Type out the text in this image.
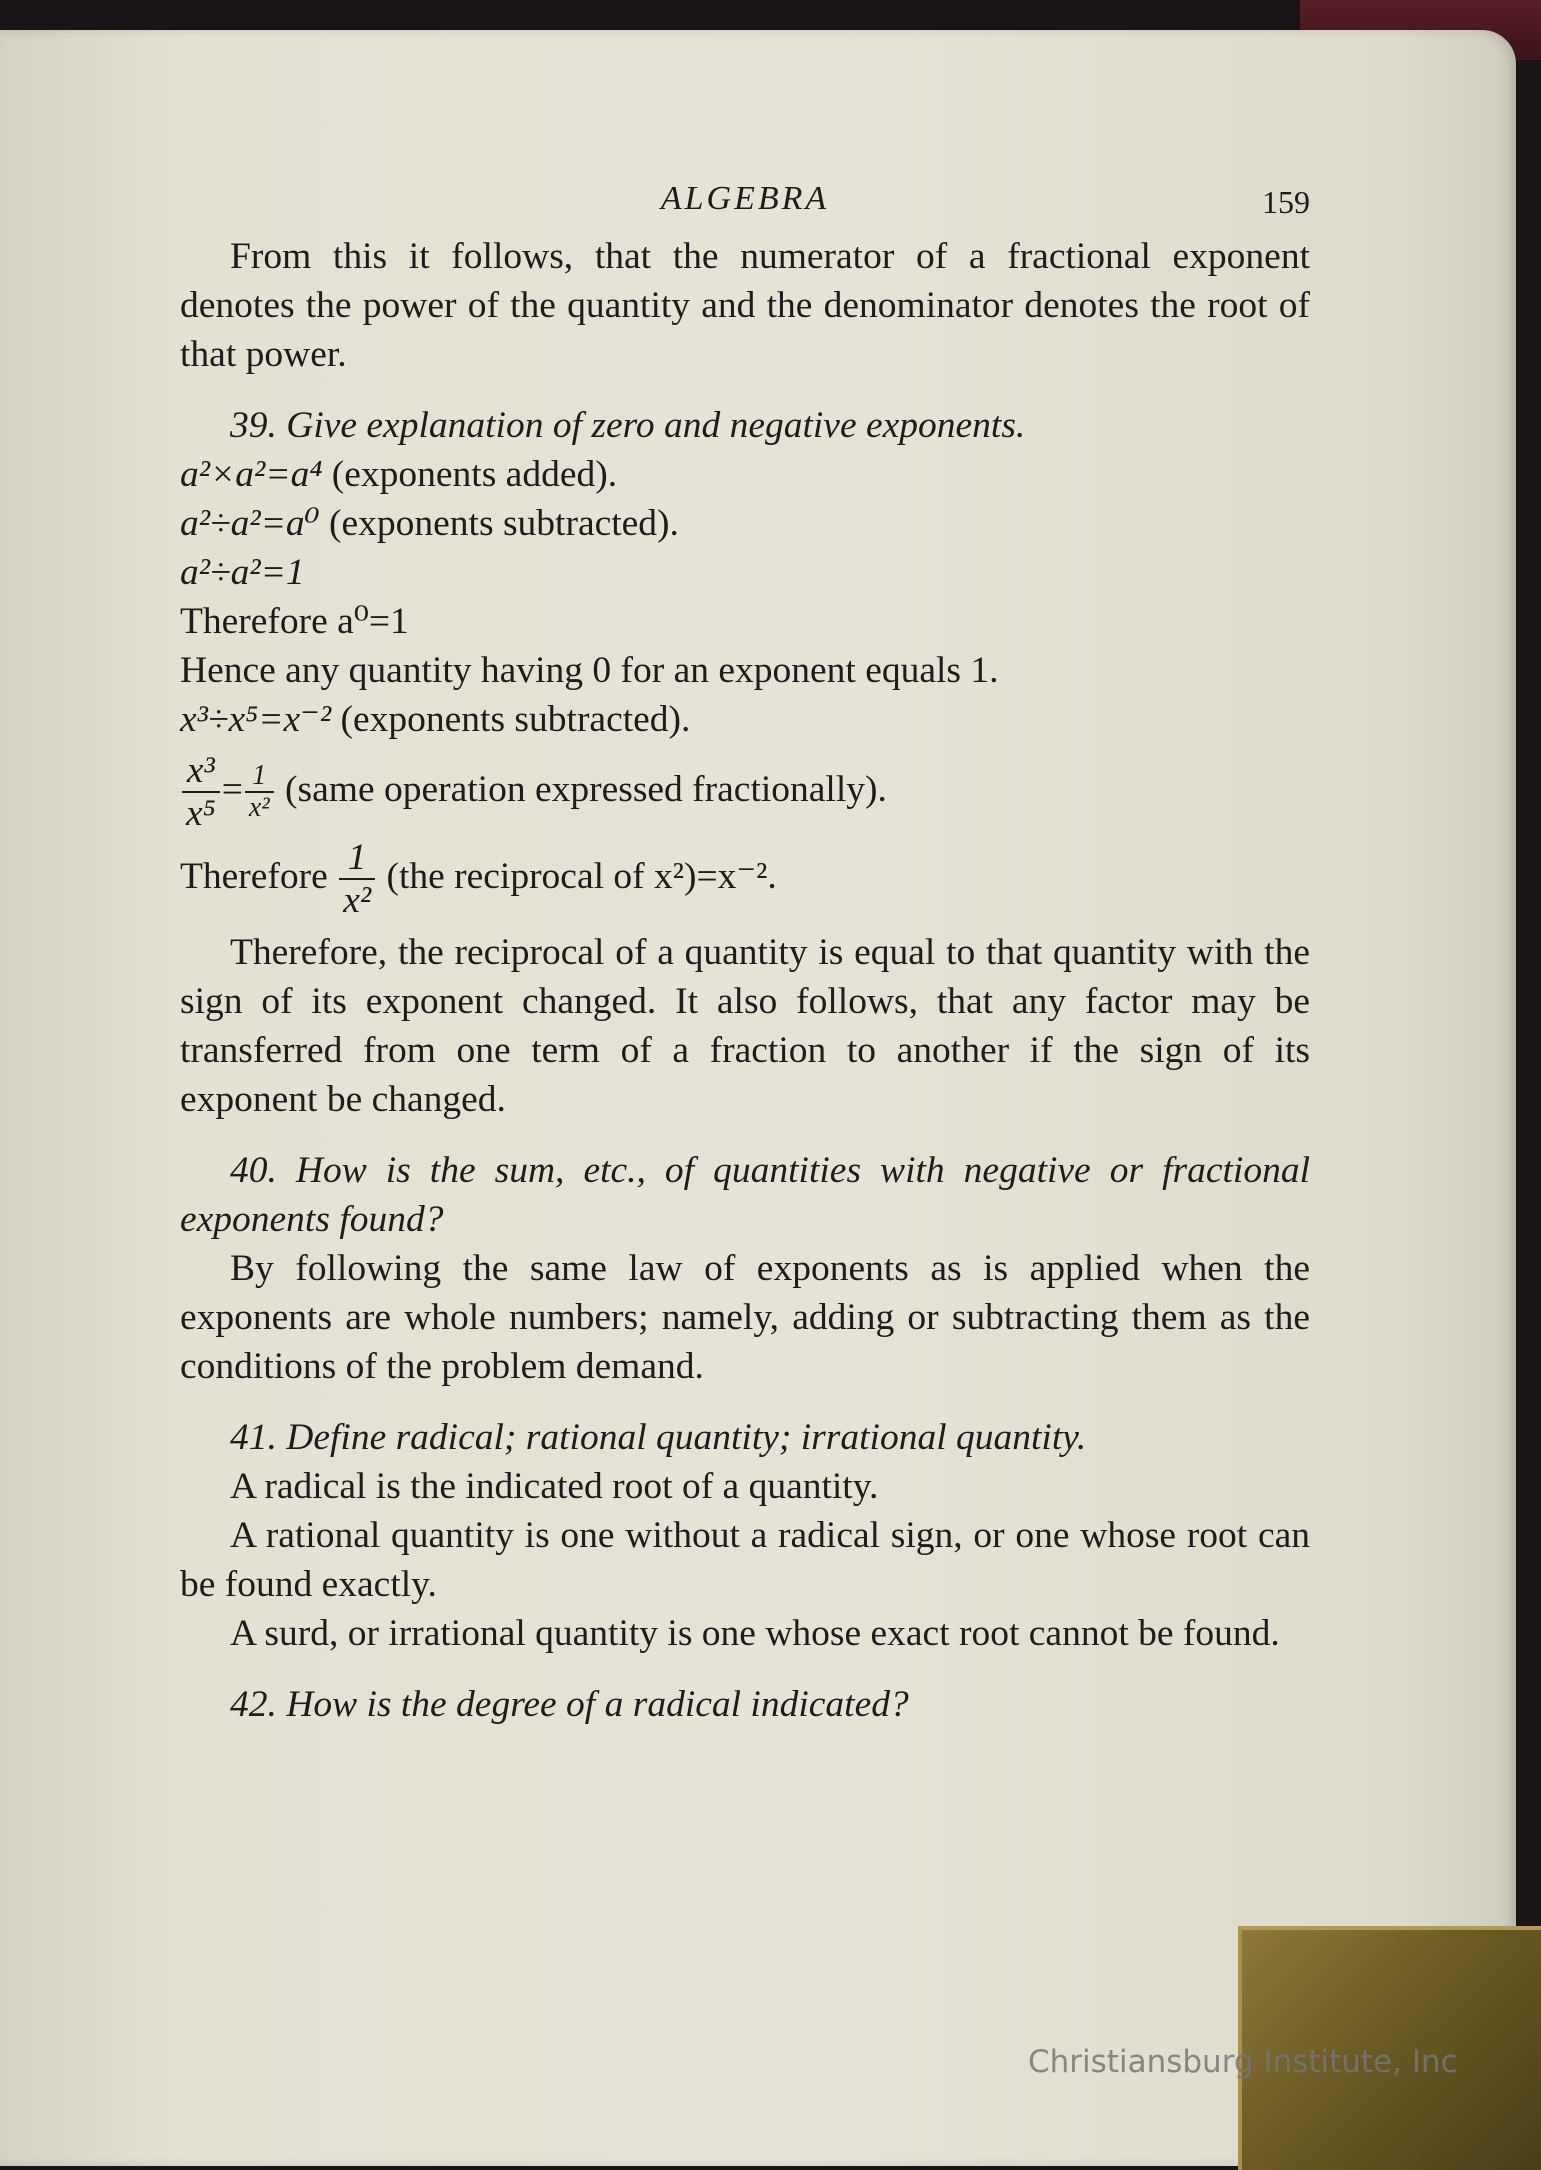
ALGEBRA	159

From this it follows, that the numerator of a fractional exponent denotes the power of the quantity and the denominator denotes the root of that power.

39. Give explanation of zero and negative exponents.

a²×a²=a⁴ (exponents added).

a²÷a²=a⁰ (exponents subtracted).

a²÷a²=1

Therefore a⁰=1

Hence any quantity having 0 for an exponent equals 1.

x³÷x⁵=x⁻² (exponents subtracted).

$\frac{\text{x³}}{\text{x⁵}} = \frac{1}{\text{x²}}$ (same operation expressed fractionally).

Therefore $\frac{1}{\text{x²}} (the$ reciprocal of x²)=x⁻².

Therefore, the reciprocal of a quantity is equal to that quantity with the sign of its exponent changed. It also follows, that any factor may be transferred from one term of a fraction to another if the sign of its exponent be changed.

40. How is the sum, etc., of quantities with negative or fractional exponents found?

By following the same law of exponents as is applied when the exponents are whole numbers; namely, adding or subtracting them as the conditions of the problem demand.

41. Define radical; rational quantity; irrational quantity.

A radical is the indicated root of a quantity.

A rational quantity is one without a radical sign, or one whose root can be found exactly.

A surd, or irrational quantity is one whose exact root cannot be found.

42. How is the degree of a radical indicated?

Christiansburg Institute, Inc
